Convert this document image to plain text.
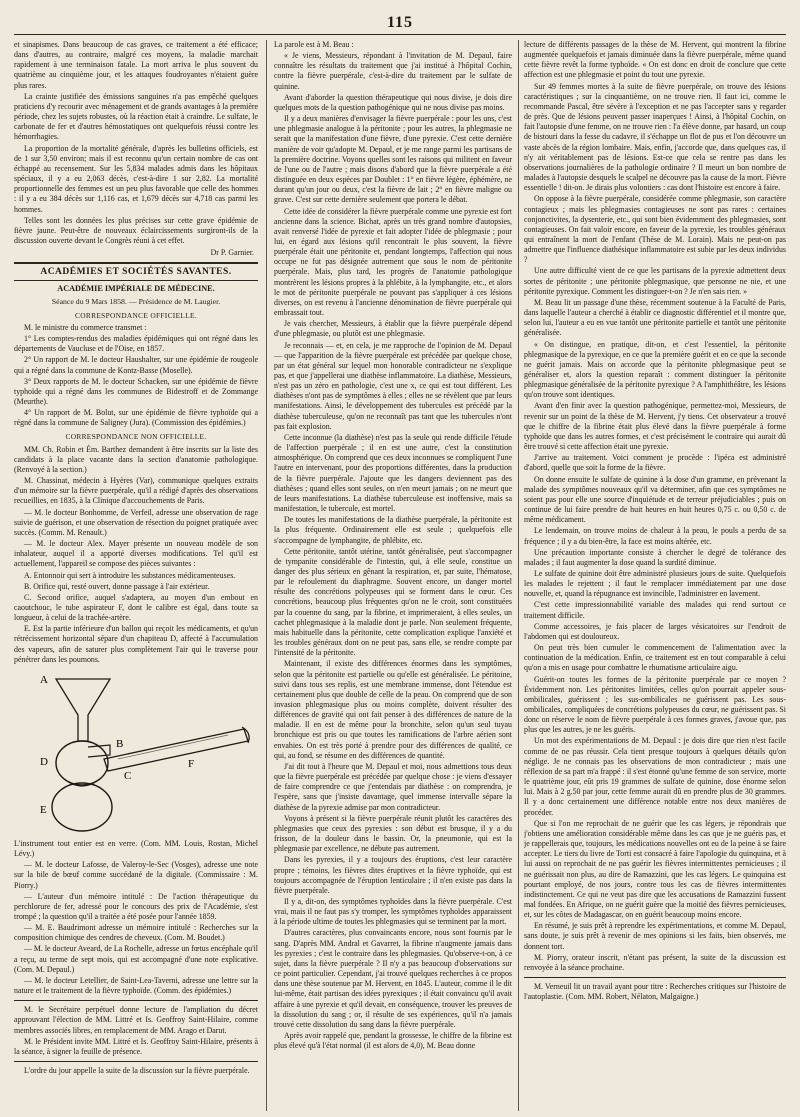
115

et sinapismes. Dans beaucoup de cas graves, ce traitement a été efficace; dans d'autres, au contraire, malgré ces moyens, la maladie marchait rapidement à une terminaison fatale. La mort arriva le plus souvent du quatrième au cinquième jour, et les attaques foudroyantes n'étaient guère plus rares.

La crainte justifiée des émissions sanguines n'a pas empêché quelques praticiens d'y recourir avec ménagement et de grands avantages à la première période, chez les sujets robustes, où la réaction était à craindre. Le sulfate, le carbonate de fer et d'autres hémostatiques ont quelquefois réussi contre les hémorrhagies.

La proportion de la mortalité générale, d'après les bulletins officiels, est de 1 sur 3,50 environ; mais il est reconnu qu'un certain nombre de cas ont échappé au recensement. Sur les 5,834 malades admis dans les hôpitaux spéciaux, il y a eu 2,063 décès, c'est-à-dire 1 sur 2,82. La mortalité proportionnelle des femmes est un peu plus favorable que celle des hommes : il y a eu 384 décès sur 1,116 cas, et 1,679 décès sur 4,718 cas parmi les hommes.

Telles sont les données les plus précises sur cette grave épidémie de fièvre jaune. Peut-être de nouveaux éclaircissements surgiront-ils de la discussion ouverte devant le Congrès réuni à cet effet.

Dr P. Garnier.
ACADÉMIES ET SOCIÉTÉS SAVANTES.
ACADÉMIE IMPÉRIALE DE MÉDECINE.
Séance du 9 Mars 1858. — Présidence de M. Laugier.
CORRESPONDANCE OFFICIELLE.

M. le ministre du commerce transmet :

1° Les comptes-rendus des maladies épidémiques qui ont régné dans les départements de Vaucluse et de l'Oise, en 1857.

2° Un rapport de M. le docteur Haushalter, sur une épidémie de rougeole qui a régné dans la commune de Kontz-Basse (Moselle).

3° Deux rapports de M. le docteur Schacken, sur une épidémie de fièvre typhoïde qui a régné dans les communes de Bidestroff et de Zommange (Meurthe).

4° Un rapport de M. Bolut, sur une épidémie de fièvre typhoïde qui a régné dans la commune de Saligney (Jura). (Commission des épidémies.)

CORRESPONDANCE NON OFFICIELLE.

MM. Ch. Robin et Ém. Barthez demandent à être inscrits sur la liste des candidats à la place vacante dans la section d'anatomie pathologique. (Renvoyé à la section.)

M. Chassinat, médecin à Hyères (Var), communique quelques extraits d'un mémoire sur la fièvre puerpérale, qu'il a rédigé d'après des observations recueillies, en 1835, à la Clinique d'accouchements de Paris.

— M. le docteur Bonhomme, de Verfeil, adresse une observation de rage suivie de guérison, et une observation de résection du poignet pratiquée avec succès. (Comm. M. Renault.)

— M. le docteur Alex. Mayer présente un nouveau modèle de son inhalateur, auquel il a apporté diverses modifications. Tel qu'il est actuellement, l'appareil se compose des pièces suivantes :

A. Entonnoir qui sert à introduire les substances médicamenteuses.

B. Orifice qui, resté ouvert, donne passage à l'air extérieur.

C. Second orifice, auquel s'adaptera, au moyen d'un embout en caoutchouc, le tube aspirateur F, dont le calibre est égal, dans toute sa longueur, à celui de la trachée-artère.

E. Est la partie inférieure d'un ballon qui reçoit les médicaments, et qu'un rétrécissement horizontal sépare d'un chapiteau D, affecté à l'accumulation des vapeurs, afin de saturer plus complètement l'air qui le traverse pour pénétrer dans les poumons.

A
B
C
D
E
F

L'instrument tout entier est en verre. (Com. MM. Louis, Rostan, Michel Lévy.)

— M. le docteur Lafosse, de Valeroy-le-Sec (Vosges), adresse une note sur la bile de bœuf comme succédané de la digitale. (Commissaire : M. Piorry.)

— L'auteur d'un mémoire intitulé : De l'action thérapeutique du perchlorure de fer, adressé pour le concours des prix de l'Académie, s'est trompé ; la question qu'il a traitée a été posée pour l'année 1859.

— M. E. Baudrimont adresse un mémoire intitulé : Recherches sur la composition chimique des cendres de cheveux. (Com. M. Boudet.)

— M. le docteur Aveard, de La Rochelle, adresse un fœtus encéphale qu'il a reçu, au terme de sept mois, qui est accompagné d'une note explicative. (Com. M. Depaul.)

— M. le docteur Letellier, de Saint-Lea-Taverni, adresse une lettre sur la nature et le traitement de la fièvre typhoïde. (Comm. des épidémies.)

M. le Secrétaire perpétuel donne lecture de l'ampliation du décret approuvant l'élection de MM. Littré et Is. Geoffroy Saint-Hilaire, comme membres associés libres, en remplacement de MM. Arago et Darut.

M. le Président invite MM. Littré et Is. Geoffroy Saint-Hilaire, présents à la séance, à signer la feuille de présence.

L'ordre du jour appelle la suite de la discussion sur la fièvre puerpérale.

La parole est à M. Beau :

« Je viens, Messieurs, répondant à l'invitation de M. Depaul, faire connaître les résultats du traitement que j'ai institué à l'hôpital Cochin, contre la fièvre puerpérale, c'est-à-dire du traitement par le sulfate de quinine.

Avant d'aborder la question thérapeutique qui nous divise, je dois dire quelques mots de la question pathogénique qui ne nous divise pas moins.

Il y a deux manières d'envisager la fièvre puerpérale : pour les uns, c'est une phlegmasie analogue à la péritonite ; pour les autres, la phlegmasie ne serait que la manifestation d'une fièvre, d'une pyrexie. C'est cette dernière manière de voir qu'adopte M. Depaul, et je me range parmi les partisans de la première doctrine. Voyons quelles sont les raisons qui militent en faveur de l'une ou de l'autre ; mais disons d'abord que la fièvre puerpérale a été distinguée en deux espèces par Doublet : 1° en fièvre légère, éphémère, ne durant qu'un jour ou deux, c'est la fièvre de lait ; 2° en fièvre maligne ou grave. C'est sur cette dernière seulement que portera le débat.

Cette idée de considérer la fièvre puerpérale comme une pyrexie est fort ancienne dans la science. Bichat, après un très grand nombre d'autopsies, avait renversé l'idée de pyrexie et fait adopter l'idée de phlegmasie ; pour lui, en égard aux lésions qu'il rencontrait le plus souvent, la fièvre puerpérale était une péritonite et, pendant longtemps, l'affection qui nous occupe ne fut pas désignée autrement que sous le nom de péritonite puerpérale. Mais, plus tard, les progrès de l'anatomie pathologique montrèrent les lésions propres à la phlébite, à la lymphangite, etc., et alors le mot de péritonite puerpérale ne pouvant pas s'appliquer à ces lésions diverses, on est revenu à l'ancienne dénomination de fièvre puerpérale qui embrassait tout.

Je vais chercher, Messieurs, à établir que la fièvre puerpérale dépend d'une phlegmasie, ou plutôt est une phlegmasie.

Je reconnais — et, en cela, je me rapproche de l'opinion de M. Depaul — que l'apparition de la fièvre puerpérale est précédée par quelque chose, par un état général sur lequel mon honorable contradicteur ne s'explique pas, et que j'appellerai une diathèse inflammatoire. La diathèse, Messieurs, n'est pas un zéro en pathologie, c'est une x, ce qui est tout différent. Les diathèses n'ont pas de symptômes à elles ; elles ne se révèlent que par leurs manifestations. Ainsi, le développement des tubercules est précédé par la diathèse tuberculeuse, qu'on ne reconnaît pas tant que les tubercules n'ont pas fait explosion.

Cette inconnue (la diathèse) n'est pas la seule qui rende difficile l'étude de l'affection puerpérale ; il en est une autre, c'est la constitution atmosphérique. On comprend que ces deux inconnues se compliquent l'une l'autre en intervenant, pour des proportions différentes, dans la production de la fièvre puerpérale. J'ajoute que les dangers deviennent pas des diathèses ; quand elles sont seules, on n'en meurt jamais ; on ne meurt que de leurs manifestations. La diathèse tuberculeuse est inoffensive, mais sa manifestation, le tubercule, est mortel.

De toutes les manifestations de la diathèse puerpérale, la péritonite est la plus fréquente. Ordinairement elle est seule ; quelquefois elle s'accompagne de lymphangite, de phlébite, etc.

Cette péritonite, tantôt utérine, tantôt généralisée, peut s'accompagner de tympanite considérable de l'intestin, qui, à elle seule, constitue un danger des plus sérieux en gênant la respiration, et, par suite, l'hématose, par le refoulement du diaphragme. Souvent encore, un danger mortel résulte des concrétions polypeuses qui se forment dans le cœur. Ces concrétions, beaucoup plus fréquentes qu'on ne le croit, sont constituées par la couenne du sang, par la fibrine, et imprimeraient, à elles seules, un cachet phlegmasique à la maladie dont je parle. Non seulement fréquente, mais habituelle dans la péritonite, cette complication explique l'anxiété et les troubles généraux dont on ne peut pas, sans elle, se rendre compte par l'intensité de la péritonite.

Maintenant, il existe des différences énormes dans les symptômes, selon que la péritonite est partielle ou qu'elle est généralisée. Le péritoine, suivi dans tous ses replis, est une membrane immense, dont l'étendue est certainement plus que double de celle de la peau. On comprend que de son invasion phlegmasique plus ou moins complète, doivent résulter des différences de gravité qui ont fait penser à des différences de nature de la maladie. Il en est de même pour la bronchite, selon qu'un seul tuyau bronchique est pris ou que toutes les ramifications de l'arbre aérien sont envahies. On est très porté à prendre pour des différences de qualité, ce qui, au fond, se résume en des différences de quantité.

J'ai dit tout à l'heure que M. Depaul et moi, nous admettions tous deux que la fièvre puerpérale est précédée par quelque chose : je viens d'essayer de faire comprendre ce que j'entendais par diathèse : on comprendra, je l'espère, sans que j'insiste davantage, quel immense intervalle sépare la diathèse de la pyrexie admise par mon contradicteur.

Voyons à présent si la fièvre puerpérale réunit plutôt les caractères des phlegmasies que ceux des pyrexies : son début est brusque, il y a du frisson, de la douleur dans le bassin. Or, la pneumonie, qui est la phlegmasie par excellence, ne débute pas autrement.

Dans les pyrexies, il y a toujours des éruptions, c'est leur caractère propre ; témoins, les fièvres dites éruptives et la fièvre typhoïde, qui est toujours accompagnée de l'éruption lenticulaire ; il n'en existe pas dans la fièvre puerpérale.

Il y a, dit-on, des symptômes typhoïdes dans la fièvre puerpérale. C'est vrai, mais il ne faut pas s'y tromper, les symptômes typhoïdes apparaissent à la période ultime de toutes les phlegmasies qui se terminent par la mort.

D'autres caractères, plus convaincants encore, nous sont fournis par le sang. D'après MM. Andral et Gavarret, la fibrine n'augmente jamais dans les pyrexies ; c'est le contraire dans les phlegmasies. Qu'observe-t-on, à ce sujet, dans la fièvre puerpérale ? Il n'y a pas beaucoup d'observations sur ce point particulier. Cependant, j'ai trouvé quelques recherches à ce propos dans une thèse soutenue par M. Hervent, en 1845. L'auteur, comme il le dit lui-même, était partisan des idées pyrexiques ; il était convaincu qu'il avait affaire à une pyrexie et qu'il devait, en conséquence, trouver les preuves de la dissolution du sang ; or, il résulte de ses expériences, qu'il n'a jamais trouvé cette dissolution du sang dans la fièvre puerpérale.

Après avoir rappelé que, pendant la grossesse, le chiffre de la fibrine est plus élevé qu'à l'état normal (il est alors de 4,0), M. Beau donne

lecture de différents passages de la thèse de M. Hervent, qui montrent la fibrine augmentée quelquefois et jamais diminuée dans la fièvre puerpérale, même quand cette fièvre revêt la forme typhoïde. « On est donc en droit de conclure que cette affection est une phlegmasie et point du tout une pyrexie.

Sur 49 femmes mortes à la suite de fièvre puerpérale, on trouve des lésions caractéristiques ; sur la cinquantième, on ne trouve rien. Il faut ici, comme le recommande Pascal, être sévère à l'exception et ne pas l'accepter sans y regarder de près. Que de lésions peuvent passer inaperçues ! Ainsi, à l'hôpital Cochin, on fait l'autopsie d'une femme, on ne trouve rien : l'a élève donne, par hasard, un coup de bistouri dans la fesse du cadavre, il s'échappe un flot de pus et l'on découvre un vaste abcès de la région lombaire. Mais, enfin, j'accorde que, dans quelques cas, il n'y ait véritablement pas de lésions. Est-ce que cela se rentre pas dans les observations journalières de la pathologie ordinaire ? Il meurt un bon nombre de malades à l'autopsie desquels le scalpel ne découvre pas la cause de la mort. Fièvre essentielle ! dit-on. Je dirais plus volontiers : cas dont l'histoire est encore à faire.

On oppose à la fièvre puerpérale, considérée comme phlegmasie, son caractère contagieux ; mais les phlegmasies contagieuses ne sont pas rares : certaines conjonctivites, la dysenterie, etc., qui sont bien évidemment des phlegmasies, sont contagieuses. On fait valoir encore, en faveur de la pyrexie, les troubles généraux qui entraînent la mort de l'enfant (Thèse de M. Lorain). Mais ne peut-on pas admettre que l'influence diathésique inflammatoire est subie par les deux individus ?

Une autre difficulté vient de ce que les partisans de la pyrexie admettent deux sortes de péritonite ; une péritonite phlegmasique, que personne ne nie, et une péritonite pyrexique. Comment les distinguer-t-on ? Je n'en sais rien. »

M. Beau lit un passage d'une thèse, récemment soutenue à la Faculté de Paris, dans laquelle l'auteur a cherché à établir ce diagnostic différentiel et il montre que, selon lui, l'auteur a eu en vue tantôt une péritonite partielle et tantôt une péritonite généralisée.

« On distingue, en pratique, dit-on, et c'est l'essentiel, la péritonite phlegmasique de la pyrexique, en ce que la première guérit et en ce que la seconde ne guérit jamais. Mais on accorde que la péritonite phlegmasique peut se généraliser et, alors la question reparaît : comment distinguer la péritonite phlegmasique généralisée de la péritonite pyrexique ? A l'amphithéâtre, les lésions qu'on trouve sont identiques.

Avant d'en finir avec la question pathogénique, permettez-moi, Messieurs, de revenir sur un point de la thèse de M. Hervent, j'y tiens. Cet observateur a trouvé que le chiffre de la fibrine était plus élevé dans la fièvre puerpérale à forme typhoïde que dans les autres formes, et c'est précisément le contraire qui aurait dû être trouvé si cette affection était une pyrexie.

J'arrive au traitement. Voici comment je procède : l'ipéca est administré d'abord, quelle que soit la forme de la fièvre.

On donne ensuite le sulfate de quinine à la dose d'un gramme, en prévenant la malade des symptômes nouveaux qu'il va déterminer, afin que ces symptômes ne soient pas pour elle une source d'inquiétude et de terreur préjudiciables ; puis on continue de lui faire prendre de huit heures en huit heures 0,75 c. ou 0,50 c. de même médicament.

Le lendemain, on trouve moins de chaleur à la peau, le pouls a perdu de sa fréquence ; il y a du bien-être, la face est moins altérée, etc.

Une précaution importante consiste à chercher le degré de tolérance des malades ; il faut augmenter la dose quand la surdité diminue.

Le sulfate de quinine doit être administré plusieurs jours de suite. Quelquefois les malades le rejettent ; il faut le remplacer immédiatement par une dose nouvelle, et, quand la répugnance est invincible, l'administrer en lavement.

C'est cette impressionnabilité variable des malades qui rend surtout ce traitement difficile.

Comme accessoires, je fais placer de larges vésicatoires sur l'endroit de l'abdomen qui est douloureux.

On peut très bien cumuler le commencement de l'alimentation avec la continuation de la médication. Enfin, ce traitement est en tout comparable à celui qu'on a mis en usage pour combattre le rhumatisme articulaire aigu.

Guérit-on toutes les formes de la péritonite puerpérale par ce moyen ? Évidemment non. Les péritonites limitées, celles qu'on pourrait appeler sous-ombilicales, guérissent ; les sus-ombilicales ne guérissent pas. Les sous-ombilicales, compliquées de concrétions polypeuses du cœur, ne guérissent pas. Si donc on réserve le nom de fièvre puerpérale à ces formes graves, j'avoue que, pas plus que les autres, je ne les guéris.

Un mot des expérimentations de M. Depaul : je dois dire que rien n'est facile comme de ne pas réussir. Cela tient presque toujours à quelques détails qu'on néglige. Je ne connais pas les observations de mon contradicteur ; mais une réflexion de sa part m'a frappé : il s'est étonné qu'une femme de son service, morte le quatrième jour, eût pris 19 grammes de sulfate de quinine, dose énorme selon lui. Mais à 2 g.50 par jour, cette femme aurait dû en prendre plus de 30 grammes. Il y a donc certainement une différence notable entre nos deux manières de procéder.

Que si l'on me reprochait de ne guérir que les cas légers, je répondrais que j'obtiens une amélioration considérable même dans les cas que je ne guéris pas, et je rappellerais que, toujours, les médications nouvelles ont eu de la peine à se faire accepter. Le tiers du livre de Torti est consacré à faire l'apologie du quinquina, et à lui aussi on reprochait de ne pas guérir les fièvres intermittentes pernicieuses ; il ne guérissait non plus, au dire de Ramazzini, que les cas légers. Le quinquina est pourtant employé, de nos jours, contre tous les cas de fièvres intermittentes indistinctement. Ce qui ne veut pas dire que les accusations de Ramazzini fussent mal fondées. En Afrique, on ne guérit guère que la moitié des fièvres pernicieuses, et, sur les côtes de Madagascar, on en guérit beaucoup moins encore.

En résumé, je suis prêt à reprendre les expérimentations, et comme M. Depaul, sans doute, je suis prêt à revenir de mes opinions si les faits, bien observés, me donnent tort.

M. Piorry, orateur inscrit, n'étant pas présent, la suite de la discussion est renvoyée à la séance prochaine.

M. Verneuil lit un travail ayant pour titre : Recherches critiques sur l'histoire de l'autoplastie. (Com. MM. Robert, Nélaton, Malgaigne.)
